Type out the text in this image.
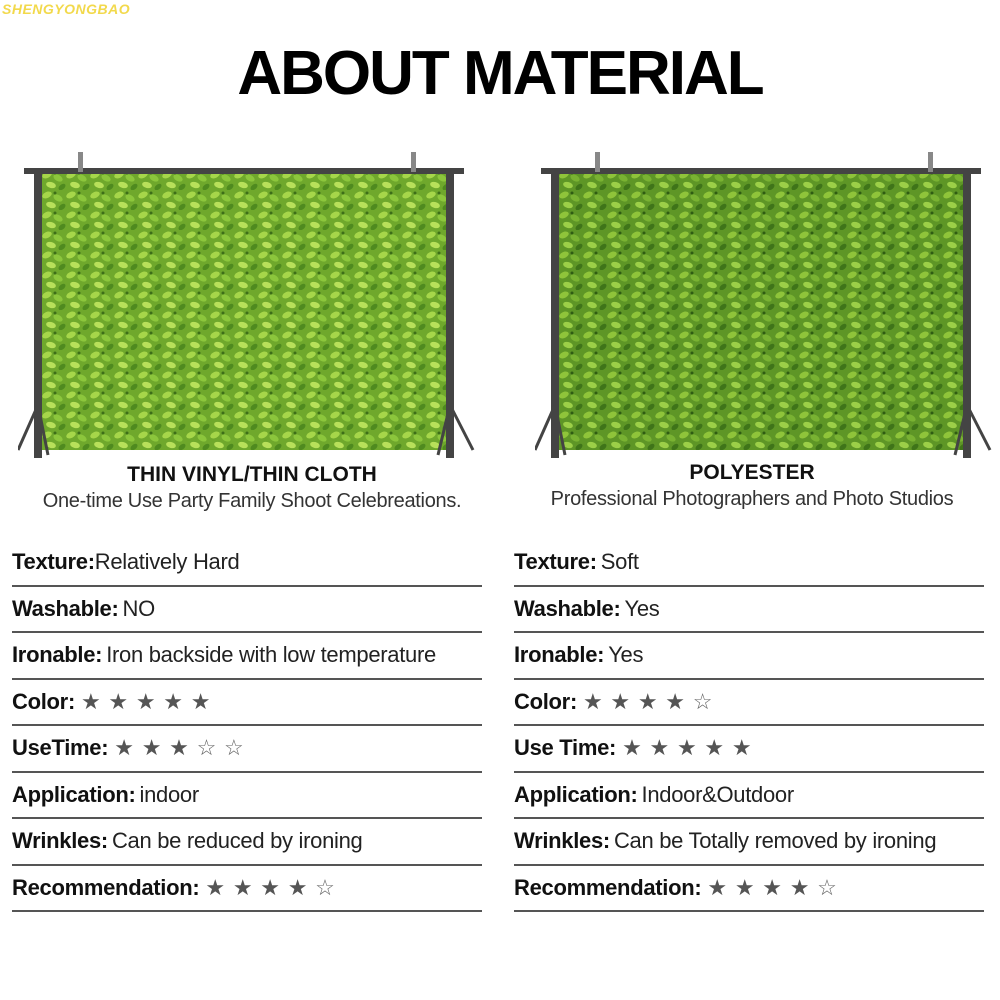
SHENGYONGBAO
ABOUT MATERIAL
THIN VINYL/THIN CLOTH
One-time Use Party Family Shoot Celebreations.
POLYESTER
Professional Photographers and Photo Studios
Texture: Relatively Hard
Washable: NO
Ironable: Iron backside with low temperature
Color: ★ ★ ★ ★ ★
UseTime: ★ ★ ★ ☆ ☆
Application: indoor
Wrinkles: Can be reduced by ironing
Recommendation: ★ ★ ★ ★ ☆
Texture: Soft
Washable: Yes
Ironable: Yes
Color: ★ ★ ★ ★ ☆
Use Time: ★ ★ ★ ★ ★
Application: Indoor&Outdoor
Wrinkles: Can be Totally removed by ironing
Recommendation: ★ ★ ★ ★ ☆
